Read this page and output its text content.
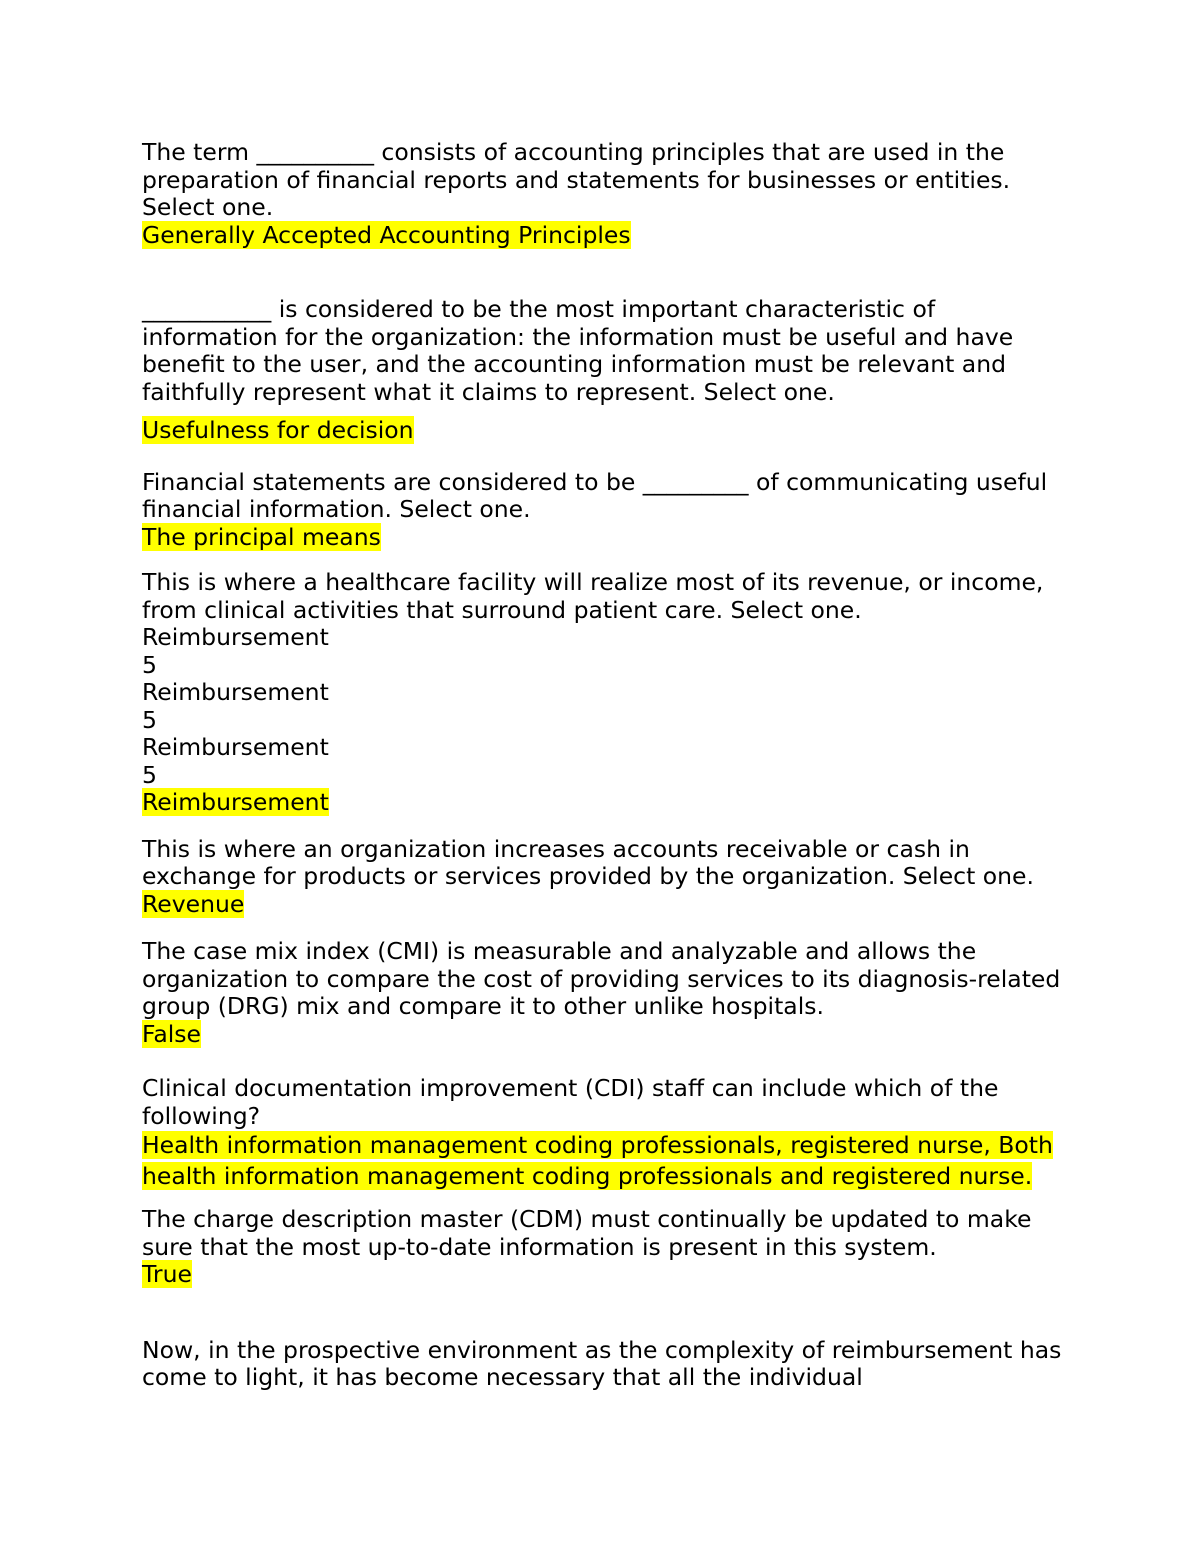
The term __________ consists of accounting principles that are used in the preparation of financial reports and statements for businesses or entities. Select one.

Generally Accepted Accounting Principles

___________ is considered to be the most important characteristic of information for the organization: the information must be useful and have benefit to the user, and the accounting information must be relevant and faithfully represent what it claims to represent. Select one.

Usefulness for decision

Financial statements are considered to be _________ of communicating useful financial information. Select one.

The principal means

This is where a healthcare facility will realize most of its revenue, or income, from clinical activities that surround patient care. Select one.

Reimbursement

5

Reimbursement

5

Reimbursement

5

Reimbursement

This is where an organization increases accounts receivable or cash in exchange for products or services provided by the organization. Select one.

Revenue

The case mix index (CMI) is measurable and analyzable and allows the organization to compare the cost of providing services to its diagnosis-related group (DRG) mix and compare it to other unlike hospitals.

False

Clinical documentation improvement (CDI) staff can include which of the following?

Health information management coding professionals, registered nurse, Both health information management coding professionals and registered nurse.

The charge description master (CDM) must continually be updated to make sure that the most up-to-date information is present in this system.

True

Now, in the prospective environment as the complexity of reimbursement has come to light, it has become necessary that all the individual
